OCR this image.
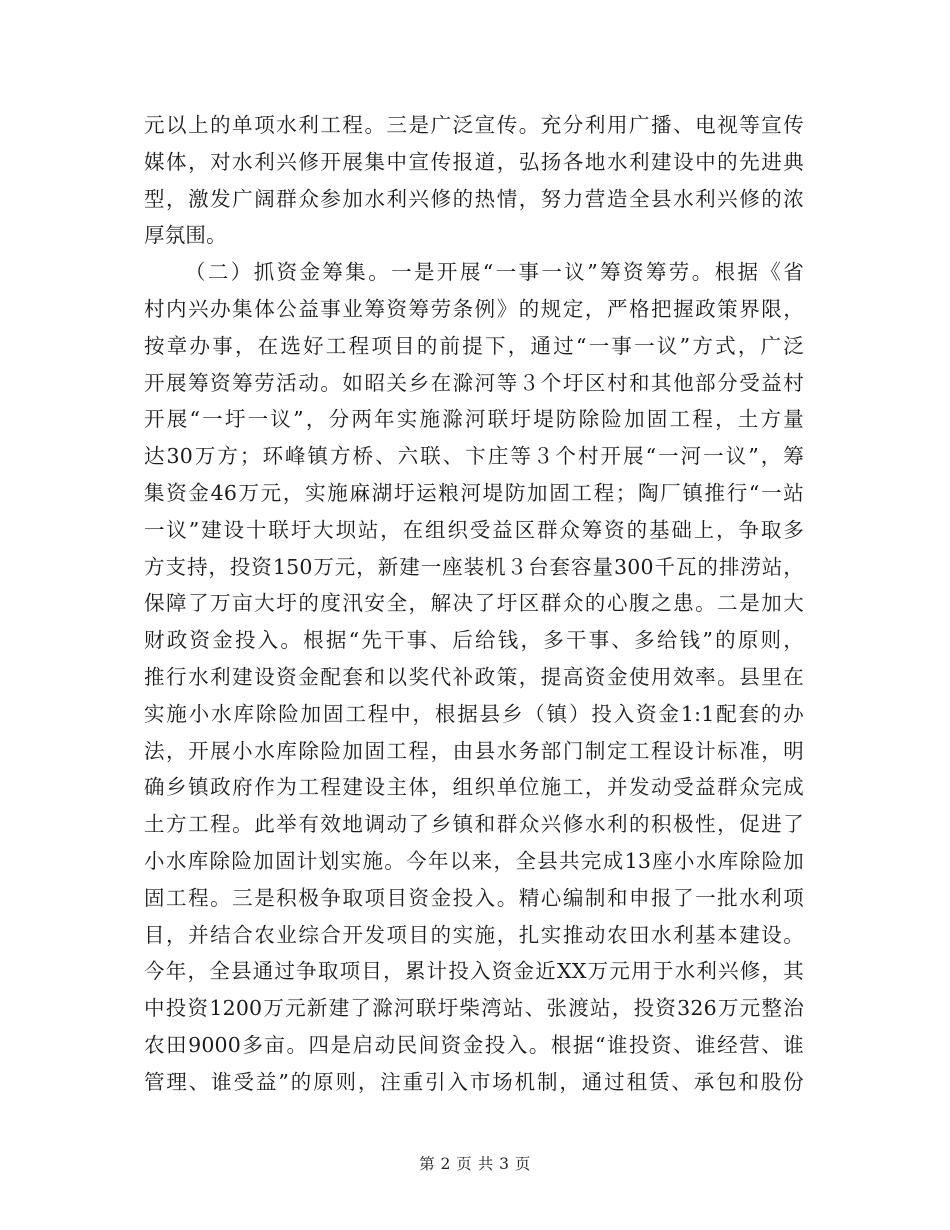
元以上的单项水利工程。三是广泛宣传。充分利用广播、电视等宣传
媒体，对水利兴修开展集中宣传报道，弘扬各地水利建设中的先进典
型，激发广阔群众参加水利兴修的热情，努力营造全县水利兴修的浓
厚氛围。
（二）抓资金筹集。一是开展“一事一议”筹资筹劳。根据《省
村内兴办集体公益事业筹资筹劳条例》的规定，严格把握政策界限，
按章办事，在选好工程项目的前提下，通过“一事一议”方式，广泛
开展筹资筹劳活动。如昭关乡在滁河等３个圩区村和其他部分受益村
开展“一圩一议”，分两年实施滁河联圩堤防除险加固工程，土方量
达30万方；环峰镇方桥、六联、卞庄等３个村开展“一河一议”，筹
集资金46万元，实施麻湖圩运粮河堤防加固工程；陶厂镇推行“一站
一议”建设十联圩大坝站，在组织受益区群众筹资的基础上，争取多
方支持，投资150万元，新建一座装机３台套容量300千瓦的排涝站，
保障了万亩大圩的度汛安全，解决了圩区群众的心腹之患。二是加大
财政资金投入。根据“先干事、后给钱，多干事、多给钱”的原则，
推行水利建设资金配套和以奖代补政策，提高资金使用效率。县里在
实施小水库除险加固工程中，根据县乡（镇）投入资金1:1配套的办
法，开展小水库除险加固工程，由县水务部门制定工程设计标准，明
确乡镇政府作为工程建设主体，组织单位施工，并发动受益群众完成
土方工程。此举有效地调动了乡镇和群众兴修水利的积极性，促进了
小水库除险加固计划实施。今年以来，全县共完成13座小水库除险加
固工程。三是积极争取项目资金投入。精心编制和申报了一批水利项
目，并结合农业综合开发项目的实施，扎实推动农田水利基本建设。
今年，全县通过争取项目，累计投入资金近XX万元用于水利兴修，其
中投资1200万元新建了滁河联圩柴湾站、张渡站，投资326万元整治
农田9000多亩。四是启动民间资金投入。根据“谁投资、谁经营、谁
管理、谁受益”的原则，注重引入市场机制，通过租赁、承包和股份
第 2 页 共 3 页
